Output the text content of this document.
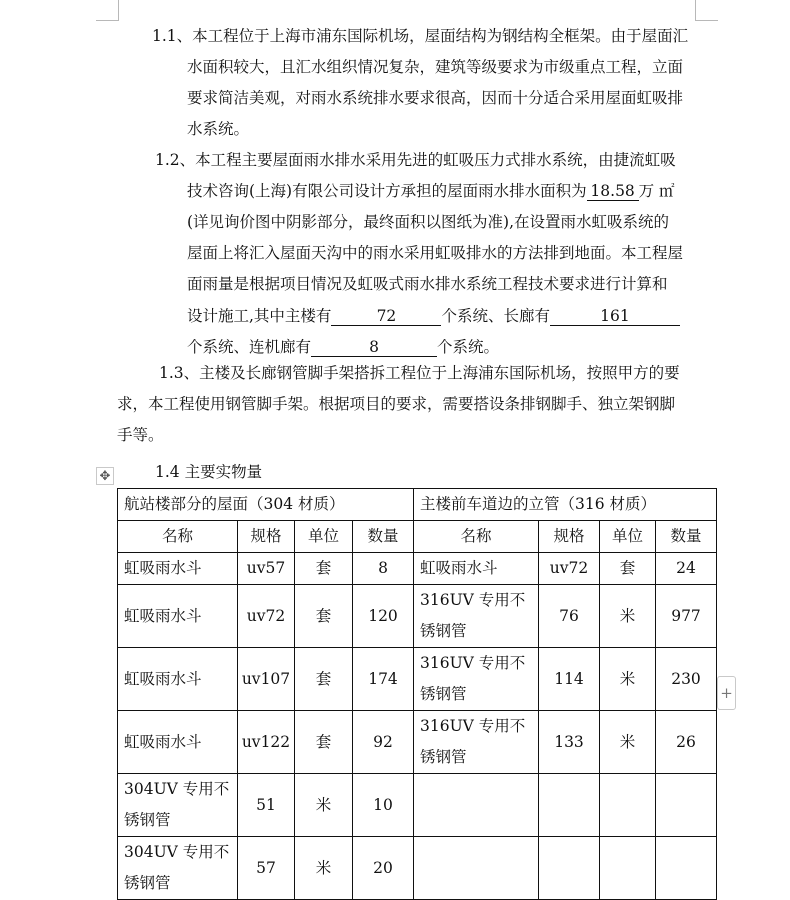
1.1、本工程位于上海市浦东国际机场，屋面结构为钢结构全框架。由于屋面汇
水面积较大，且汇水组织情况复杂，建筑等级要求为市级重点工程，立面
要求简洁美观，对雨水系统排水要求很高，因而十分适合采用屋面虹吸排
水系统。
1.2、本工程主要屋面雨水排水采用先进的虹吸压力式排水系统，由捷流虹吸
技术咨询(上海)有限公司设计方承担的屋面雨水排水面积为 18.58 万 ㎡
(详见询价图中阴影部分，最终面积以图纸为准),在设置雨水虹吸系统的
屋面上将汇入屋面天沟中的雨水采用虹吸排水的方法排到地面。本工程屋
面雨量是根据项目情况及虹吸式雨水排水系统工程技术要求进行计算和
设计施工,其中主楼有	72	个系统、长廊有	161
个系统、连机廊有	8	个系统。
1.3、主楼及长廊钢管脚手架搭拆工程位于上海浦东国际机场，按照甲方的要
求，本工程使用钢管脚手架。根据项目的要求，需要搭设条排钢脚手、独立架钢脚
手等。
1.4 主要实物量
✥
+
航站楼部分的屋面（304 材质）				主楼前车道边的立管（316 材质）			
名称	规格	单位	数量	名称	规格	单位	数量
虹吸雨水斗	uv57	套	8	虹吸雨水斗	uv72	套	24
虹吸雨水斗	uv72	套	120	316UV 专用不锈钢管	76	米	977
虹吸雨水斗	uv107	套	174	316UV 专用不锈钢管	114	米	230
虹吸雨水斗	uv122	套	92	316UV 专用不锈钢管	133	米	26
304UV 专用不锈钢管	51	米	10				
304UV 专用不锈钢管	57	米	20				
